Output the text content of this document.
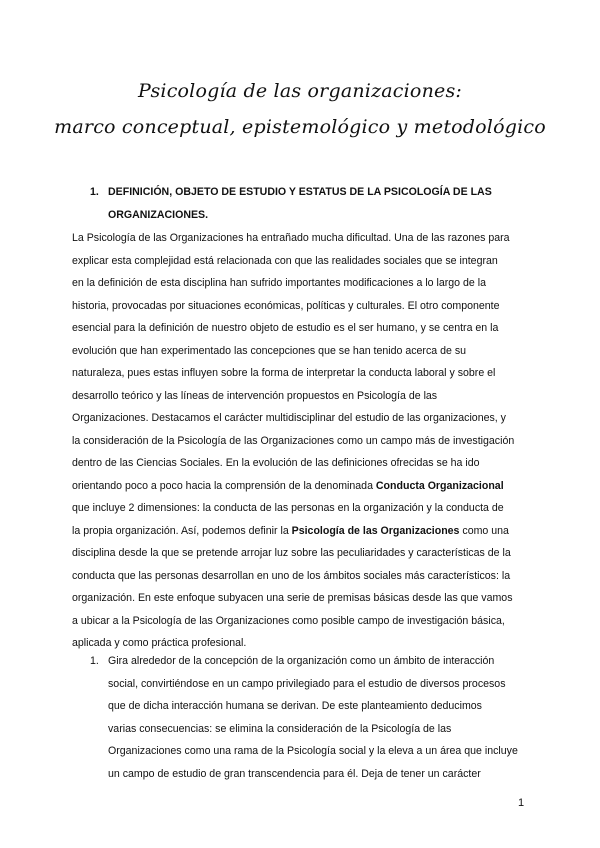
Psicología de las organizaciones:
marco conceptual, epistemológico y metodológico
1. DEFINICIÓN, OBJETO DE ESTUDIO Y ESTATUS DE LA PSICOLOGÍA DE LAS
ORGANIZACIONES.

La Psicología de las Organizaciones ha entrañado mucha dificultad. Una de las razones para

explicar esta complejidad está relacionada con que las realidades sociales que se integran

en la definición de esta disciplina han sufrido importantes modificaciones a lo largo de la

historia, provocadas por situaciones económicas, políticas y culturales. El otro componente

esencial para la definición de nuestro objeto de estudio es el ser humano, y se centra en la

evolución que han experimentado las concepciones que se han tenido acerca de su

naturaleza, pues estas influyen sobre la forma de interpretar la conducta laboral y sobre el

desarrollo teórico y las líneas de intervención propuestos en Psicología de las

Organizaciones. Destacamos el carácter multidisciplinar del estudio de las organizaciones, y

la consideración de la Psicología de las Organizaciones como un campo más de investigación

dentro de las Ciencias Sociales. En la evolución de las definiciones ofrecidas se ha ido

orientando poco a poco hacia la comprensión de la denominada Conducta Organizacional

que incluye 2 dimensiones: la conducta de las personas en la organización y la conducta de

la propia organización. Así, podemos definir la Psicología de las Organizaciones como una

disciplina desde la que se pretende arrojar luz sobre las peculiaridades y características de la

conducta que las personas desarrollan en uno de los ámbitos sociales más característicos: la

organización. En este enfoque subyacen una serie de premisas básicas desde las que vamos

a ubicar a la Psicología de las Organizaciones como posible campo de investigación básica,

aplicada y como práctica profesional.

1. Gira alrededor de la concepción de la organización como un ámbito de interacción
social, convirtiéndose en un campo privilegiado para el estudio de diversos procesos
que de dicha interacción humana se derivan. De este planteamiento deducimos
varias consecuencias: se elimina la consideración de la Psicología de las
Organizaciones como una rama de la Psicología social y la eleva a un área que incluye
un campo de estudio de gran transcendencia para él. Deja de tener un carácter
1
